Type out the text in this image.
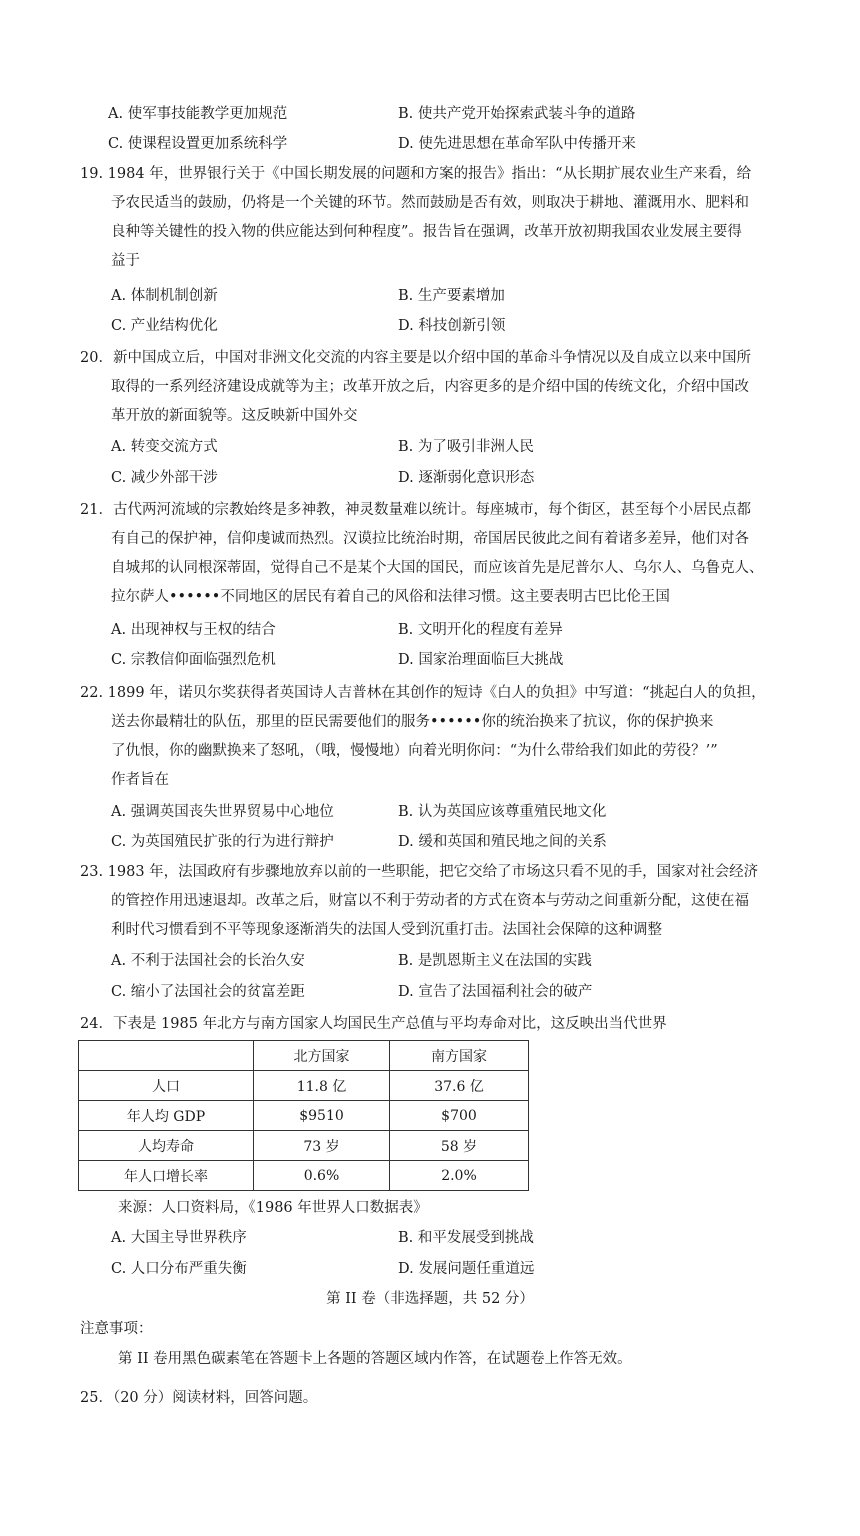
A. 使军事技能教学更加规范	B. 使共产党开始探索武装斗争的道路
C. 使课程设置更加系统科学	D. 使先进思想在革命军队中传播开来
19. 1984 年，世界银行关于《中国长期发展的问题和方案的报告》指出：“从长期扩展农业生产来看，给
予农民适当的鼓励，仍将是一个关键的环节。然而鼓励是否有效，则取决于耕地、灌溉用水、肥料和
良种等关键性的投入物的供应能达到何种程度”。报告旨在强调，改革开放初期我国农业发展主要得
益于
A. 体制机制创新	B. 生产要素增加
C. 产业结构优化	D. 科技创新引领
20．新中国成立后，中国对非洲文化交流的内容主要是以介绍中国的革命斗争情况以及自成立以来中国所
取得的一系列经济建设成就等为主；改革开放之后，内容更多的是介绍中国的传统文化，介绍中国改
革开放的新面貌等。这反映新中国外交
A. 转变交流方式	B. 为了吸引非洲人民
C. 减少外部干涉	D. 逐渐弱化意识形态
21．古代两河流域的宗教始终是多神教，神灵数量难以统计。每座城市，每个街区，甚至每个小居民点都
有自己的保护神，信仰虔诚而热烈。汉谟拉比统治时期，帝国居民彼此之间有着诸多差异，他们对各
自城邦的认同根深蒂固，觉得自己不是某个大国的国民，而应该首先是尼普尔人、乌尔人、乌鲁克人、
拉尔萨人••••••不同地区的居民有着自己的风俗和法律习惯。这主要表明古巴比伦王国
A. 出现神权与王权的结合	B. 文明开化的程度有差异
C. 宗教信仰面临强烈危机	D. 国家治理面临巨大挑战
22. 1899 年，诺贝尔奖获得者英国诗人吉普林在其创作的短诗《白人的负担》中写道：“挑起白人的负担，
送去你最精壮的队伍，那里的臣民需要他们的服务••••••你的统治换来了抗议，你的保护换来
了仇恨，你的幽默换来了怒吼，（哦，慢慢地）向着光明你问：“为什么带给我们如此的劳役？’”
作者旨在
A. 强调英国丧失世界贸易中心地位	B. 认为英国应该尊重殖民地文化
C. 为英国殖民扩张的行为进行辩护	D. 缓和英国和殖民地之间的关系
23. 1983 年，法国政府有步骤地放弃以前的一些职能，把它交给了市场这只看不见的手，国家对社会经济
的管控作用迅速退却。改革之后，财富以不利于劳动者的方式在资本与劳动之间重新分配，这使在福
利时代习惯看到不平等现象逐渐消失的法国人受到沉重打击。法国社会保障的这种调整
A. 不利于法国社会的长治久安	B. 是凯恩斯主义在法国的实践
C. 缩小了法国社会的贫富差距	D. 宣告了法国福利社会的破产
24．下表是 1985 年北方与南方国家人均国民生产总值与平均寿命对比，这反映出当代世界
	北方国家	南方国家
人口	11.8 亿	37.6 亿
年人均 GDP	$9510	$700
人均寿命	73 岁	58 岁
年人口增长率	0.6%	2.0%
来源：人口资料局，《1986 年世界人口数据表》
A. 大国主导世界秩序	B. 和平发展受到挑战
C. 人口分布严重失衡	D. 发展问题任重道远
第 II 卷（非选择题，共 52 分）
注意事项：
第 II 卷用黑色碳素笔在答题卡上各题的答题区域内作答，在试题卷上作答无效。
25．（20 分）阅读材料，回答问题。
